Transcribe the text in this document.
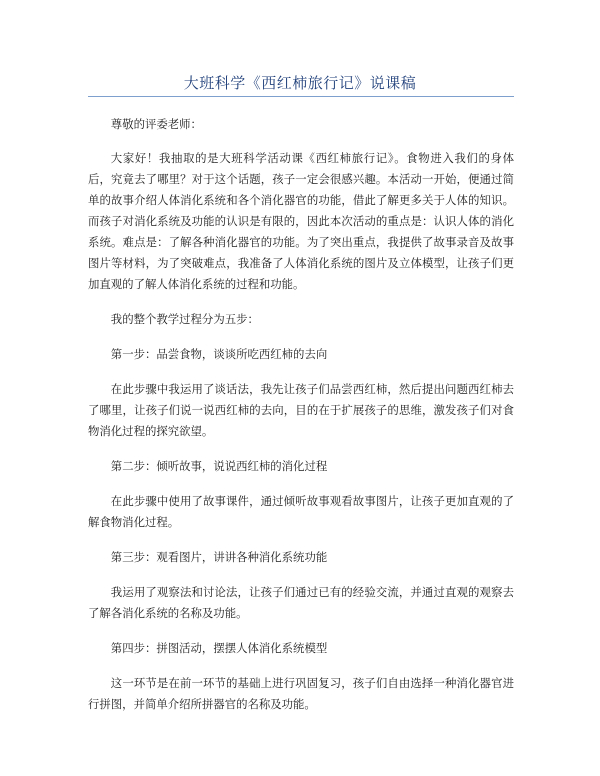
大班科学《西红柿旅行记》说课稿

尊敬的评委老师：

大家好！我抽取的是大班科学活动课《西红柿旅行记》。食物进入我们的身体后，究竟去了哪里？对于这个话题，孩子一定会很感兴趣。本活动一开始，便通过简单的故事介绍人体消化系统和各个消化器官的功能，借此了解更多关于人体的知识。而孩子对消化系统及功能的认识是有限的，因此本次活动的重点是：认识人体的消化系统。难点是：了解各种消化器官的功能。为了突出重点，我提供了故事录音及故事图片等材料，为了突破难点，我准备了人体消化系统的图片及立体模型，让孩子们更加直观的了解人体消化系统的过程和功能。

我的整个教学过程分为五步：

第一步：品尝食物，谈谈所吃西红柿的去向

在此步骤中我运用了谈话法，我先让孩子们品尝西红柿，然后提出问题西红柿去了哪里，让孩子们说一说西红柿的去向，目的在于扩展孩子的思维，激发孩子们对食物消化过程的探究欲望。

第二步：倾听故事，说说西红柿的消化过程

在此步骤中使用了故事课件，通过倾听故事观看故事图片，让孩子更加直观的了解食物消化过程。

第三步：观看图片，讲讲各种消化系统功能

我运用了观察法和讨论法，让孩子们通过已有的经验交流，并通过直观的观察去了解各消化系统的名称及功能。

第四步：拼图活动，摆摆人体消化系统模型

这一环节是在前一环节的基础上进行巩固复习，孩子们自由选择一种消化器官进行拼图，并简单介绍所拼器官的名称及功能。
